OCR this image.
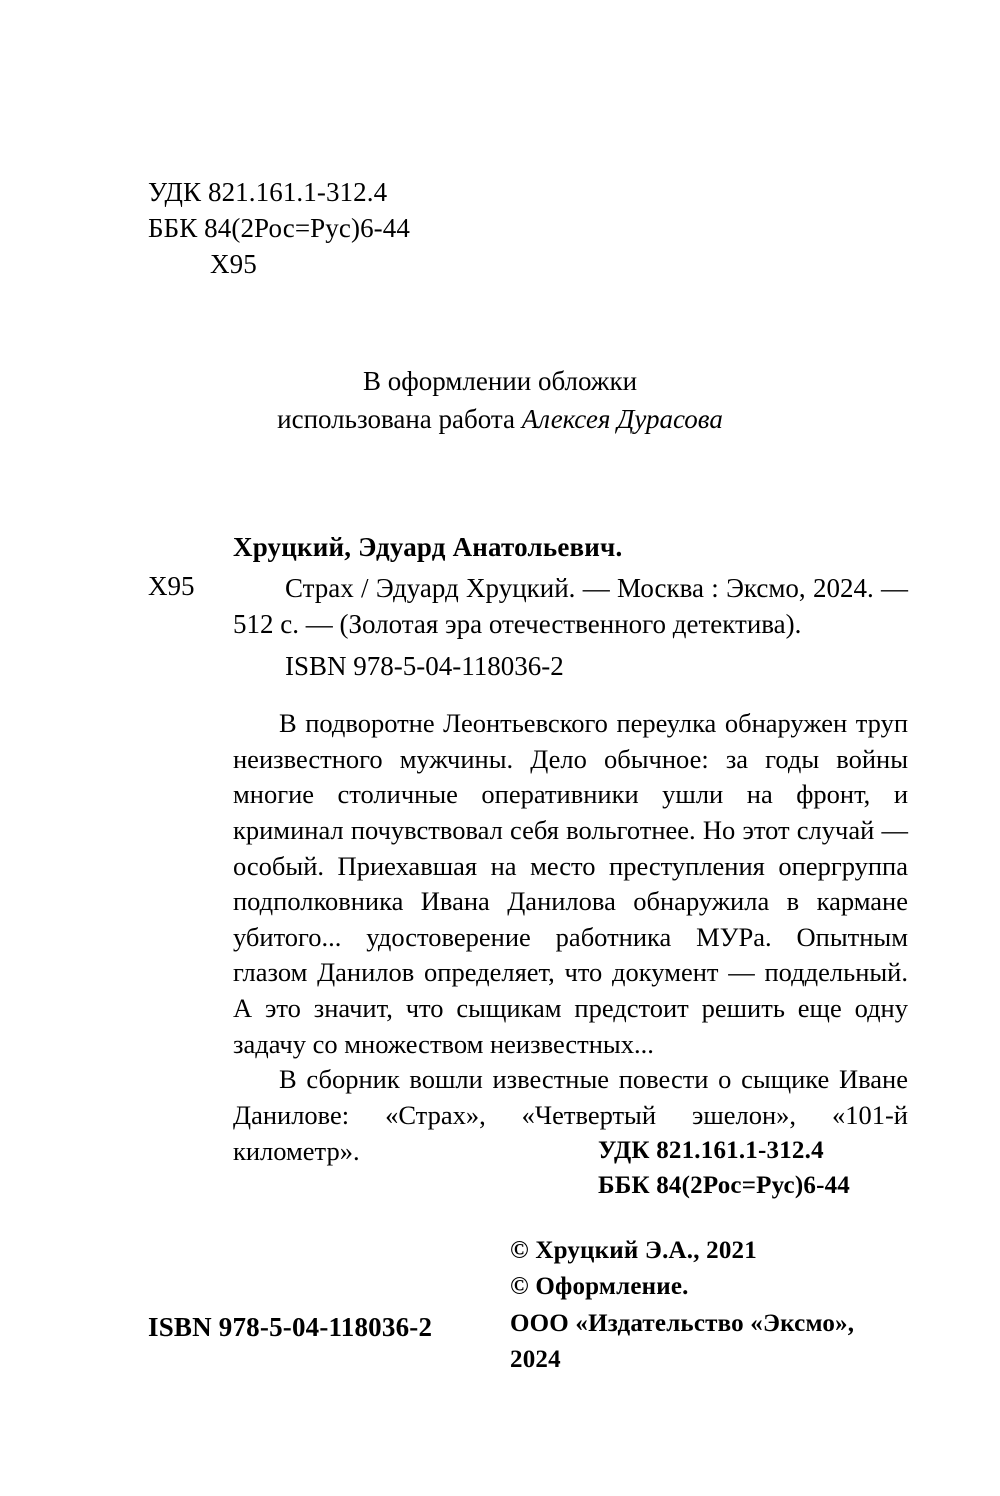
УДК 821.161.1-312.4
ББК 84(2Рос=Рус)6-44
Х95
В оформлении обложки
использована работа Алексея Дурасова
Хруцкий, Эдуард Анатольевич.
Х95	Страх / Эдуард Хруцкий. — Москва : Эксмо, 2024. — 512 с. — (Золотая эра отечественного детектива).
ISBN 978-5-04-118036-2

В подворотне Леонтьевского переулка обнаружен труп неизвестного мужчины. Дело обычное: за годы войны многие столичные оперативники ушли на фронт, и криминал почувствовал себя вольготнее. Но этот случай — особый. Приехавшая на место преступления опергруппа подполковника Ивана Данилова обнаружила в кармане убитого... удостоверение работника МУРа. Опытным глазом Данилов определяет, что документ — поддельный. А это значит, что сыщикам предстоит решить еще одну задачу со множеством неизвестных...

В сборник вошли известные повести о сыщике Иване Данилове: «Страх», «Четвертый эшелон», «101-й километр».	УДК 821.161.1-312.4
ББК 84(2Рос=Рус)6-44
© Хруцкий Э.А., 2021
© Оформление.
ООО «Издательство «Эксмо»,
2024
ISBN 978-5-04-118036-2
